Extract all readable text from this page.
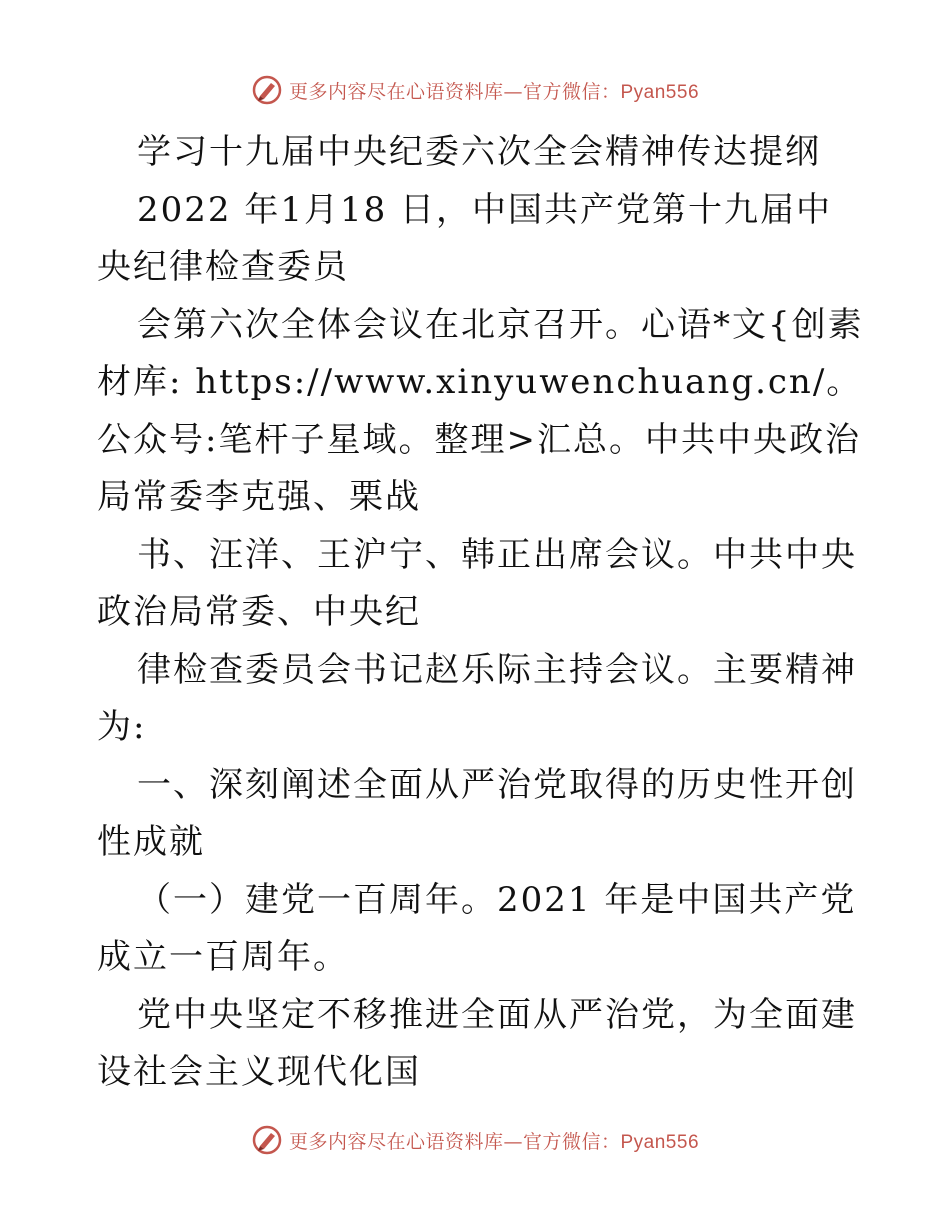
更多内容尽在心语资料库—官方微信：Pyan556

学习十九届中央纪委六次全会精神传达提纲

2022 年1月18 日，中国共产党第十九届中央纪律检查委员

会第六次全体会议在北京召开。心语*文{创素材库: https://www.xinyuwenchuang.cn/。公众号:笔杆子星域。整理>汇总。中共中央政治局常委李克强、栗战

书、汪洋、王沪宁、韩正出席会议。中共中央政治局常委、中央纪

律检查委员会书记赵乐际主持会议。主要精神为:

一、深刻阐述全面从严治党取得的历史性开创性成就

（一）建党一百周年。2021 年是中国共产党成立一百周年。

党中央坚定不移推进全面从严治党，为全面建设社会主义现代化国

更多内容尽在心语资料库—官方微信：Pyan556
